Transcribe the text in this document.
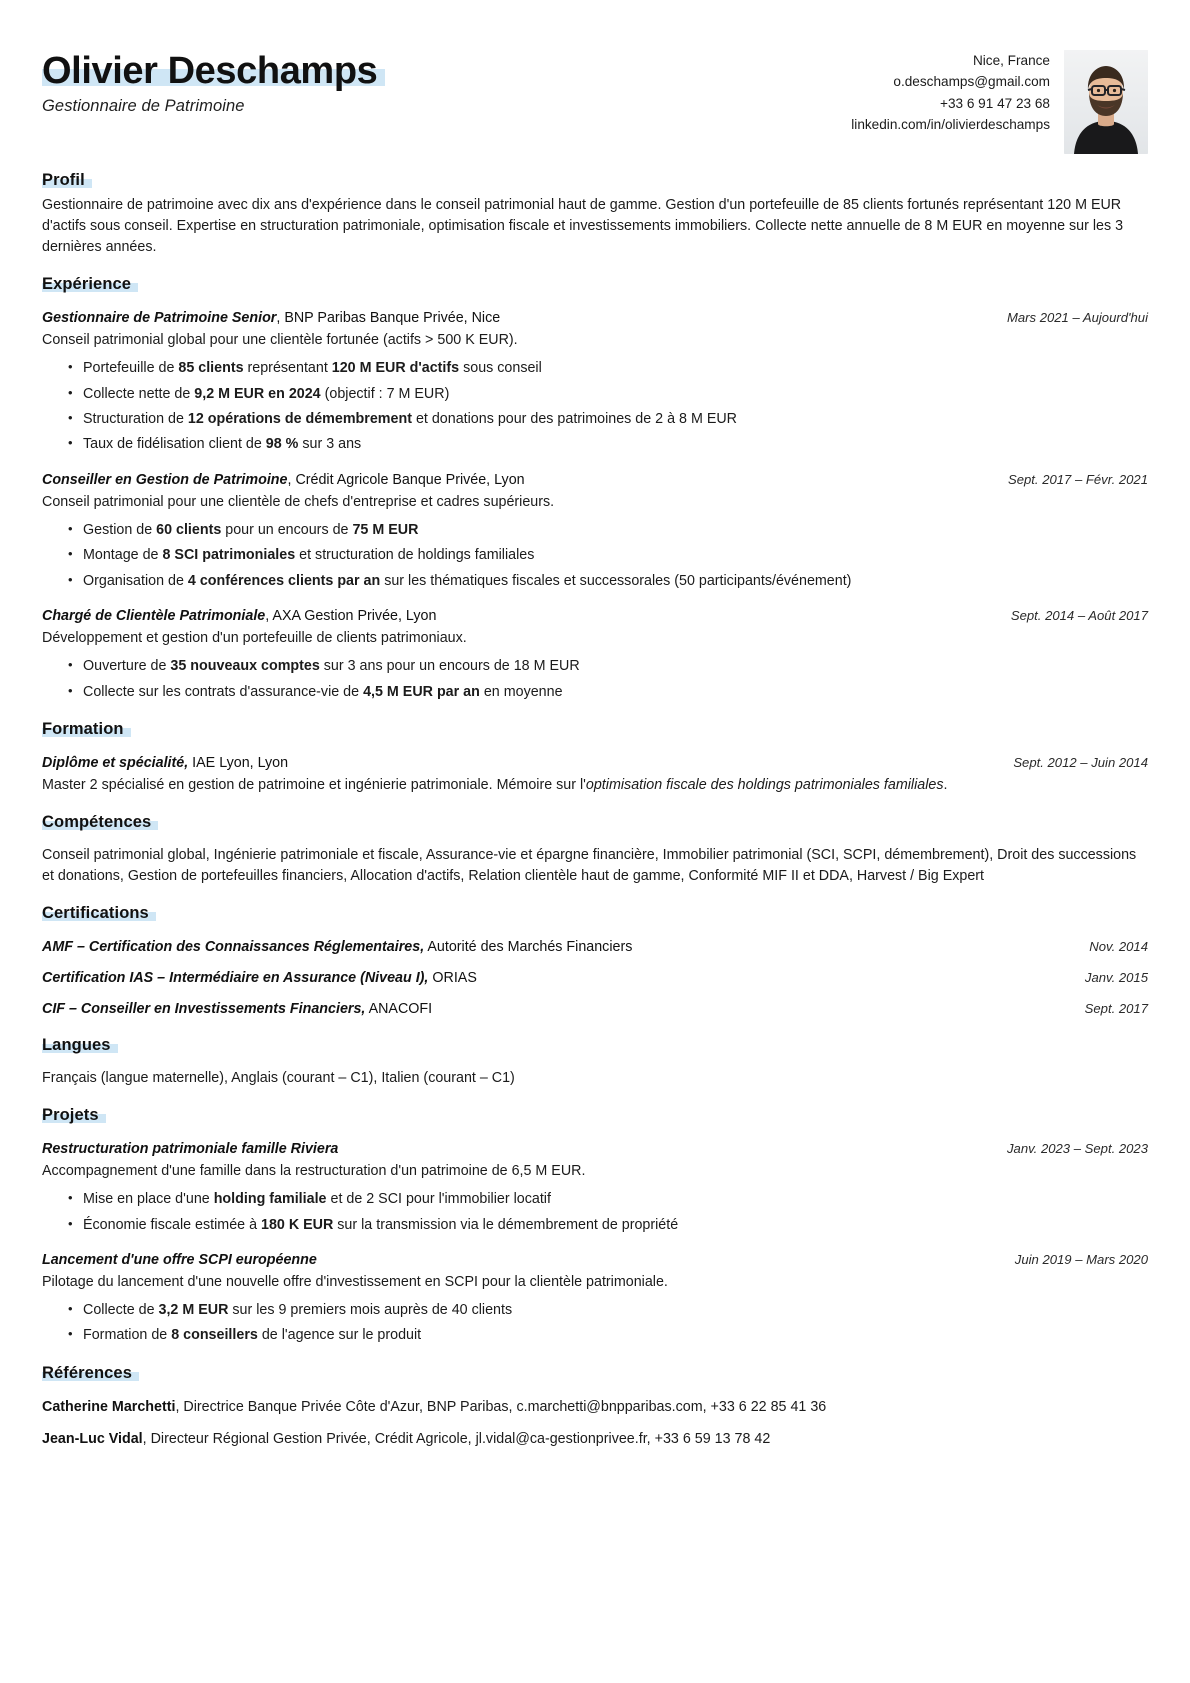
Olivier Deschamps
Gestionnaire de Patrimoine
Nice, France
o.deschamps@gmail.com
+33 6 91 47 23 68
linkedin.com/in/olivierdeschamps
Profil
Gestionnaire de patrimoine avec dix ans d'expérience dans le conseil patrimonial haut de gamme. Gestion d'un portefeuille de 85 clients fortunés représentant 120 M EUR d'actifs sous conseil. Expertise en structuration patrimoniale, optimisation fiscale et investissements immobiliers. Collecte nette annuelle de 8 M EUR en moyenne sur les 3 dernières années.
Expérience
Gestionnaire de Patrimoine Senior, BNP Paribas Banque Privée, Nice	Mars 2021 – Aujourd'hui
Conseil patrimonial global pour une clientèle fortunée (actifs > 500 K EUR).
• Portefeuille de 85 clients représentant 120 M EUR d'actifs sous conseil
• Collecte nette de 9,2 M EUR en 2024 (objectif : 7 M EUR)
• Structuration de 12 opérations de démembrement et donations pour des patrimoines de 2 à 8 M EUR
• Taux de fidélisation client de 98 % sur 3 ans
Conseiller en Gestion de Patrimoine, Crédit Agricole Banque Privée, Lyon	Sept. 2017 – Févr. 2021
Conseil patrimonial pour une clientèle de chefs d'entreprise et cadres supérieurs.
• Gestion de 60 clients pour un encours de 75 M EUR
• Montage de 8 SCI patrimoniales et structuration de holdings familiales
• Organisation de 4 conférences clients par an sur les thématiques fiscales et successorales (50 participants/événement)
Chargé de Clientèle Patrimoniale, AXA Gestion Privée, Lyon	Sept. 2014 – Août 2017
Développement et gestion d'un portefeuille de clients patrimoniaux.
• Ouverture de 35 nouveaux comptes sur 3 ans pour un encours de 18 M EUR
• Collecte sur les contrats d'assurance-vie de 4,5 M EUR par an en moyenne
Formation
Diplôme et spécialité, IAE Lyon, Lyon	Sept. 2012 – Juin 2014
Master 2 spécialisé en gestion de patrimoine et ingénierie patrimoniale. Mémoire sur l'optimisation fiscale des holdings patrimoniales familiales.
Compétences
Conseil patrimonial global, Ingénierie patrimoniale et fiscale, Assurance-vie et épargne financière, Immobilier patrimonial (SCI, SCPI, démembrement), Droit des successions et donations, Gestion de portefeuilles financiers, Allocation d'actifs, Relation clientèle haut de gamme, Conformité MIF II et DDA, Harvest / Big Expert
Certifications
AMF – Certification des Connaissances Réglementaires, Autorité des Marchés Financiers	Nov. 2014
Certification IAS – Intermédiaire en Assurance (Niveau I), ORIAS	Janv. 2015
CIF – Conseiller en Investissements Financiers, ANACOFI	Sept. 2017
Langues
Français (langue maternelle), Anglais (courant – C1), Italien (courant – C1)
Projets
Restructuration patrimoniale famille Riviera	Janv. 2023 – Sept. 2023
Accompagnement d'une famille dans la restructuration d'un patrimoine de 6,5 M EUR.
• Mise en place d'une holding familiale et de 2 SCI pour l'immobilier locatif
• Économie fiscale estimée à 180 K EUR sur la transmission via le démembrement de propriété
Lancement d'une offre SCPI européenne	Juin 2019 – Mars 2020
Pilotage du lancement d'une nouvelle offre d'investissement en SCPI pour la clientèle patrimoniale.
• Collecte de 3,2 M EUR sur les 9 premiers mois auprès de 40 clients
• Formation de 8 conseillers de l'agence sur le produit
Références
Catherine Marchetti, Directrice Banque Privée Côte d'Azur, BNP Paribas, c.marchetti@bnpparibas.com, +33 6 22 85 41 36
Jean-Luc Vidal, Directeur Régional Gestion Privée, Crédit Agricole, jl.vidal@ca-gestionprivee.fr, +33 6 59 13 78 42
